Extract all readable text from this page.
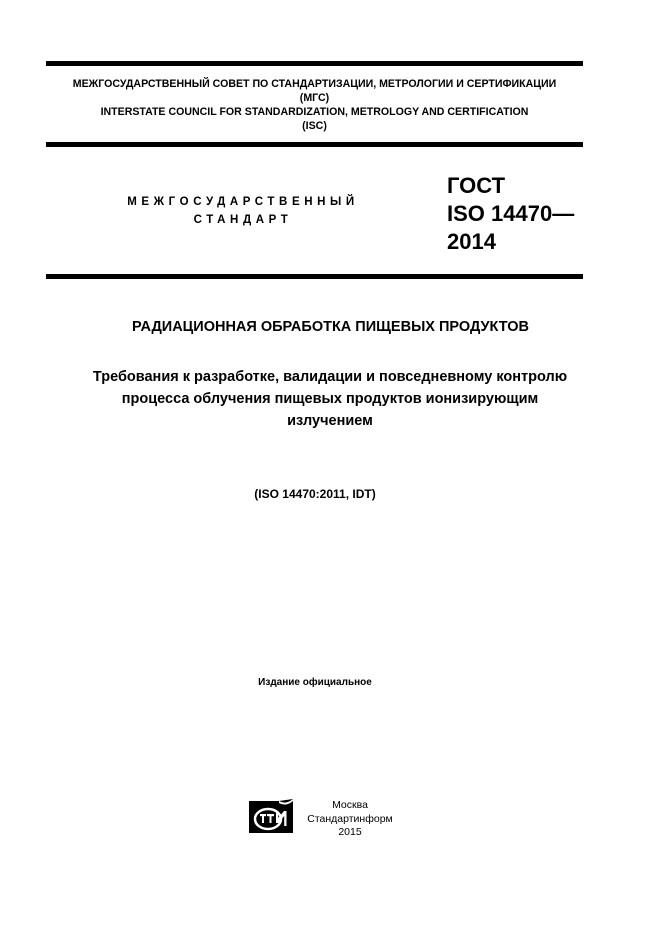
МЕЖГОСУДАРСТВЕННЫЙ СОВЕТ ПО СТАНДАРТИЗАЦИИ, МЕТРОЛОГИИ И СЕРТИФИКАЦИИ
(МГС)
INTERSTATE COUNCIL FOR STANDARDIZATION, METROLOGY AND CERTIFICATION
(ISC)
МЕЖГОСУДАРСТВЕННЫЙ
СТАНДАРТ
ГОСТ
ISO 14470—
2014
РАДИАЦИОННАЯ ОБРАБОТКА ПИЩЕВЫХ ПРОДУКТОВ
Требования к разработке, валидации и повседневному контролю
процесса облучения пищевых продуктов ионизирующим
излучением
(ISO 14470:2011, IDT)
Издание официальное
Москва
Стандартинформ
2015
